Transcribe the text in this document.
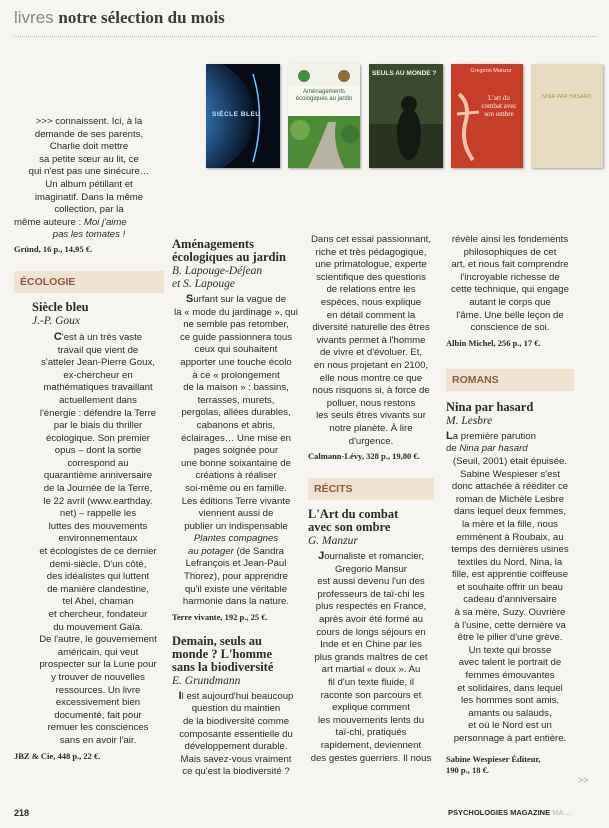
livres notre sélection du mois
SIÈCLE BLEU
Aménagements écologiques au jardin
SEULS AU MONDE ?	Gregorio Manzur
L'art du combat avec son ombre
NINA PAR HASARD

>>> connaissent. Ici, à la

demande de ses parents,

Charlie doit mettre

sa petite sœur au lit, ce

qui n'est pas une sinécure…

Un album pétillant et

imaginatif. Dans la même

collection, par la

même auteure : Moi j'aime

pas les tomates !

Gründ, 16 p., 14,95 €.
ÉCOLOGIE
Siècle bleu
J.-P. Goux

C'est à un très vaste

travail que vient de

s'atteler Jean-Pierre Goux,

ex-chercheur en

mathématiques travaillant

actuellement dans

l'énergie : défendre la Terre

par le biais du thriller

écologique. Son premier

opus – dont la sortie

correspond au

quarantième anniversaire

de la Journée de la Terre,

le 22 avril (www.earthday.

net) – rappelle les

luttes des mouvements

environnementaux

et écologistes de ce dernier

demi-siècle. D'un côté,

des idéalistes qui luttent

de manière clandestine,

tel Abel, chaman

et chercheur, fondateur

du mouvement Gaïa.

De l'autre, le gouvernement

américain, qui veut

prospecter sur la Lune pour

y trouver de nouvelles

ressources. Un livre

excessivement bien

documenté, fait pour

remuer les consciences

sans en avoir l'air.

JBZ & Cie, 448 p., 22 €.
Aménagements
écologiques au jardin
B. Lapouge-Déjean
et S. Lapouge

Surfant sur la vague de

la « mode du jardinage », qui

ne semble pas retomber,

ce guide passionnera tous

ceux qui souhaitent

apporter une touche écolo

à ce « prolongement

de la maison » : bassins,

terrasses, murets,

pergolas, allées durables,

cabanons et abris,

éclairages… Une mise en

pages soignée pour

une bonne soixantaine de

créations à réaliser

soi-même ou en famille.

Les éditions Terre vivante

viennent aussi de

publier un indispensable

Plantes compagnes

au potager (de Sandra

Lefrançois et Jean-Paul

Thorez), pour apprendre

qu'il existe une véritable

harmonie dans la nature.

Terre vivante, 192 p., 25 €.
Demain, seuls au
monde ? L'homme
sans la biodiversité
E. Grundmann

Il est aujourd'hui beaucoup

question du maintien

de la biodiversité comme

composante essentielle du

développement durable.

Mais savez-vous vraiment

ce qu'est la biodiversité ?

Dans cet essai passionnant,

riche et très pédagogique,

une primatologue, experte

scientifique des questions

de relations entre les

espèces, nous explique

en détail comment la

diversité naturelle des êtres

vivants permet à l'homme

de vivre et d'évoluer. Et,

en nous projetant en 2100,

elle nous montre ce que

nous risquons si, à force de

polluer, nous restons

les seuls êtres vivants sur

notre planète. À lire

d'urgence.

Calmann-Lévy, 328 p., 19,80 €.
RÉCITS
L'Art du combat
avec son ombre
G. Manzur

Journaliste et romancier,

Gregorio Mansur

est aussi devenu l'un des

professeurs de taï-chi les

plus respectés en France,

après avoir été formé au

cours de longs séjours en

Inde et en Chine par les

plus grands maîtres de cet

art martial « doux ». Au

fil d'un texte fluide, il

raconte son parcours et

explique comment

les mouvements lents du

taï-chi, pratiqués

rapidement, deviennent

des gestes guerriers. Il nous

révèle ainsi les fondements

philosophiques de cet

art, et nous fait comprendre

l'incroyable richesse de

cette technique, qui engage

autant le corps que

l'âme. Une belle leçon de

conscience de soi.

Albin Michel, 256 p., 17 €.
ROMANS
Nina par hasard
M. Lesbre

La première parution

de Nina par hasard

(Seuil, 2001) était épuisée.

Sabine Wespieser s'est

donc attachée à rééditer ce

roman de Michèle Lesbre

dans lequel deux femmes,

la mère et la fille, nous

emmènent à Roubaix, au

temps des dernières usines

textiles du Nord. Nina, la

fille, est apprentie coiffeuse

et souhaite offrir un beau

cadeau d'anniversaire

à sa mère, Suzy. Ouvrière

à l'usine, cette dernière va

être le pilier d'une grève.

Un texte qui brosse

avec talent le portrait de

femmes émouvantes

et solidaires, dans lequel

les hommes sont amis,

amants ou salauds,

et où le Nord est un

personnage à part entière.

Sabine Wespieser Éditeur,
190 p., 18 €.
>>
218	PSYCHOLOGIES MAGAZINE MA…
